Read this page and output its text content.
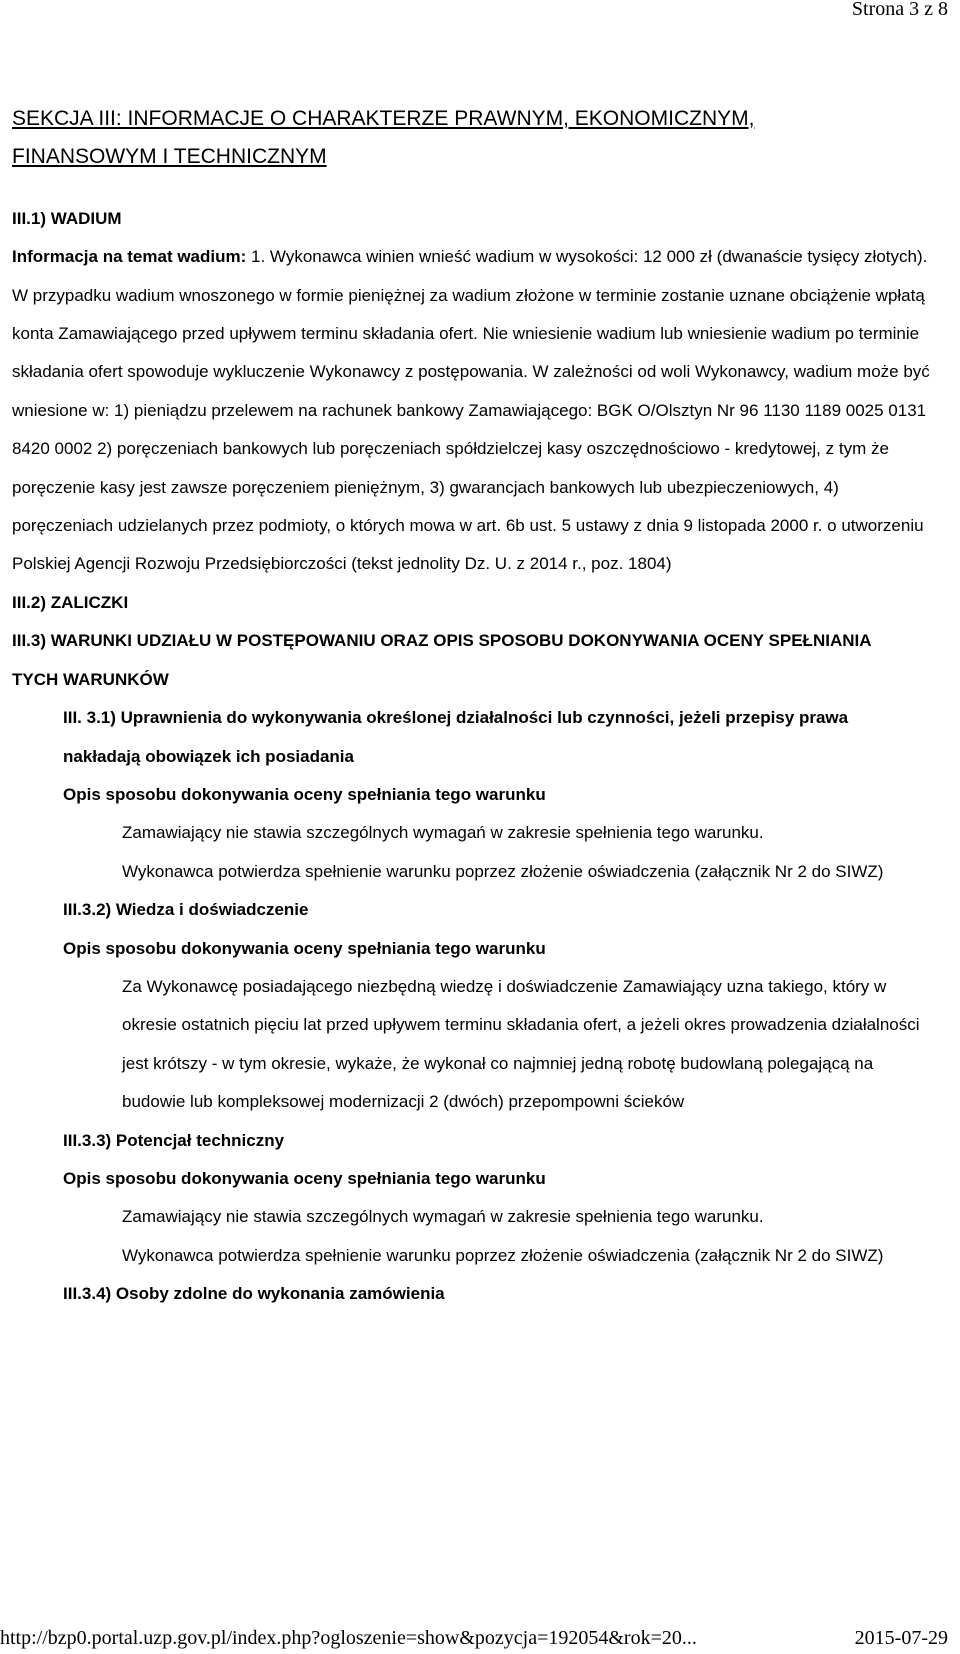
Strona 3 z 8
SEKCJA III: INFORMACJE O CHARAKTERZE PRAWNYM, EKONOMICZNYM, FINANSOWYM I TECHNICZNYM
III.1) WADIUM

Informacja na temat wadium: 1. Wykonawca winien wnieść wadium w wysokości: 12 000 zł (dwanaście tysięcy złotych). W przypadku wadium wnoszonego w formie pieniężnej za wadium złożone w terminie zostanie uznane obciążenie wpłatą konta Zamawiającego przed upływem terminu składania ofert. Nie wniesienie wadium lub wniesienie wadium po terminie składania ofert spowoduje wykluczenie Wykonawcy z postępowania. W zależności od woli Wykonawcy, wadium może być wniesione w: 1) pieniądzu przelewem na rachunek bankowy Zamawiającego: BGK O/Olsztyn Nr 96 1130 1189 0025 0131 8420 0002 2) poręczeniach bankowych lub poręczeniach spółdzielczej kasy oszczędnościowo - kredytowej, z tym że poręczenie kasy jest zawsze poręczeniem pieniężnym, 3) gwarancjach bankowych lub ubezpieczeniowych, 4) poręczeniach udzielanych przez podmioty, o których mowa w art. 6b ust. 5 ustawy z dnia 9 listopada 2000 r. o utworzeniu Polskiej Agencji Rozwoju Przedsiębiorczości (tekst jednolity Dz. U. z 2014 r., poz. 1804)

III.2) ZALICZKI
III.3) WARUNKI UDZIAŁU W POSTĘPOWANIU ORAZ OPIS SPOSOBU DOKONYWANIA OCENY SPEŁNIANIA TYCH WARUNKÓW
III. 3.1) Uprawnienia do wykonywania określonej działalności lub czynności, jeżeli przepisy prawa nakładają obowiązek ich posiadania
Opis sposobu dokonywania oceny spełniania tego warunku

Zamawiający nie stawia szczególnych wymagań w zakresie spełnienia tego warunku.

Wykonawca potwierdza spełnienie warunku poprzez złożenie oświadczenia (załącznik Nr 2 do SIWZ)

III.3.2) Wiedza i doświadczenie
Opis sposobu dokonywania oceny spełniania tego warunku

Za Wykonawcę posiadającego niezbędną wiedzę i doświadczenie Zamawiający uzna takiego, który w okresie ostatnich pięciu lat przed upływem terminu składania ofert, a jeżeli okres prowadzenia działalności jest krótszy - w tym okresie, wykaże, że wykonał co najmniej jedną robotę budowlaną polegającą na budowie lub kompleksowej modernizacji 2 (dwóch) przepompowni ścieków

III.3.3) Potencjał techniczny
Opis sposobu dokonywania oceny spełniania tego warunku

Zamawiający nie stawia szczególnych wymagań w zakresie spełnienia tego warunku.

Wykonawca potwierdza spełnienie warunku poprzez złożenie oświadczenia (załącznik Nr 2 do SIWZ)

III.3.4) Osoby zdolne do wykonania zamówienia
http://bzp0.portal.uzp.gov.pl/index.php?ogloszenie=show&pozycja=192054&rok=20...	2015-07-29
